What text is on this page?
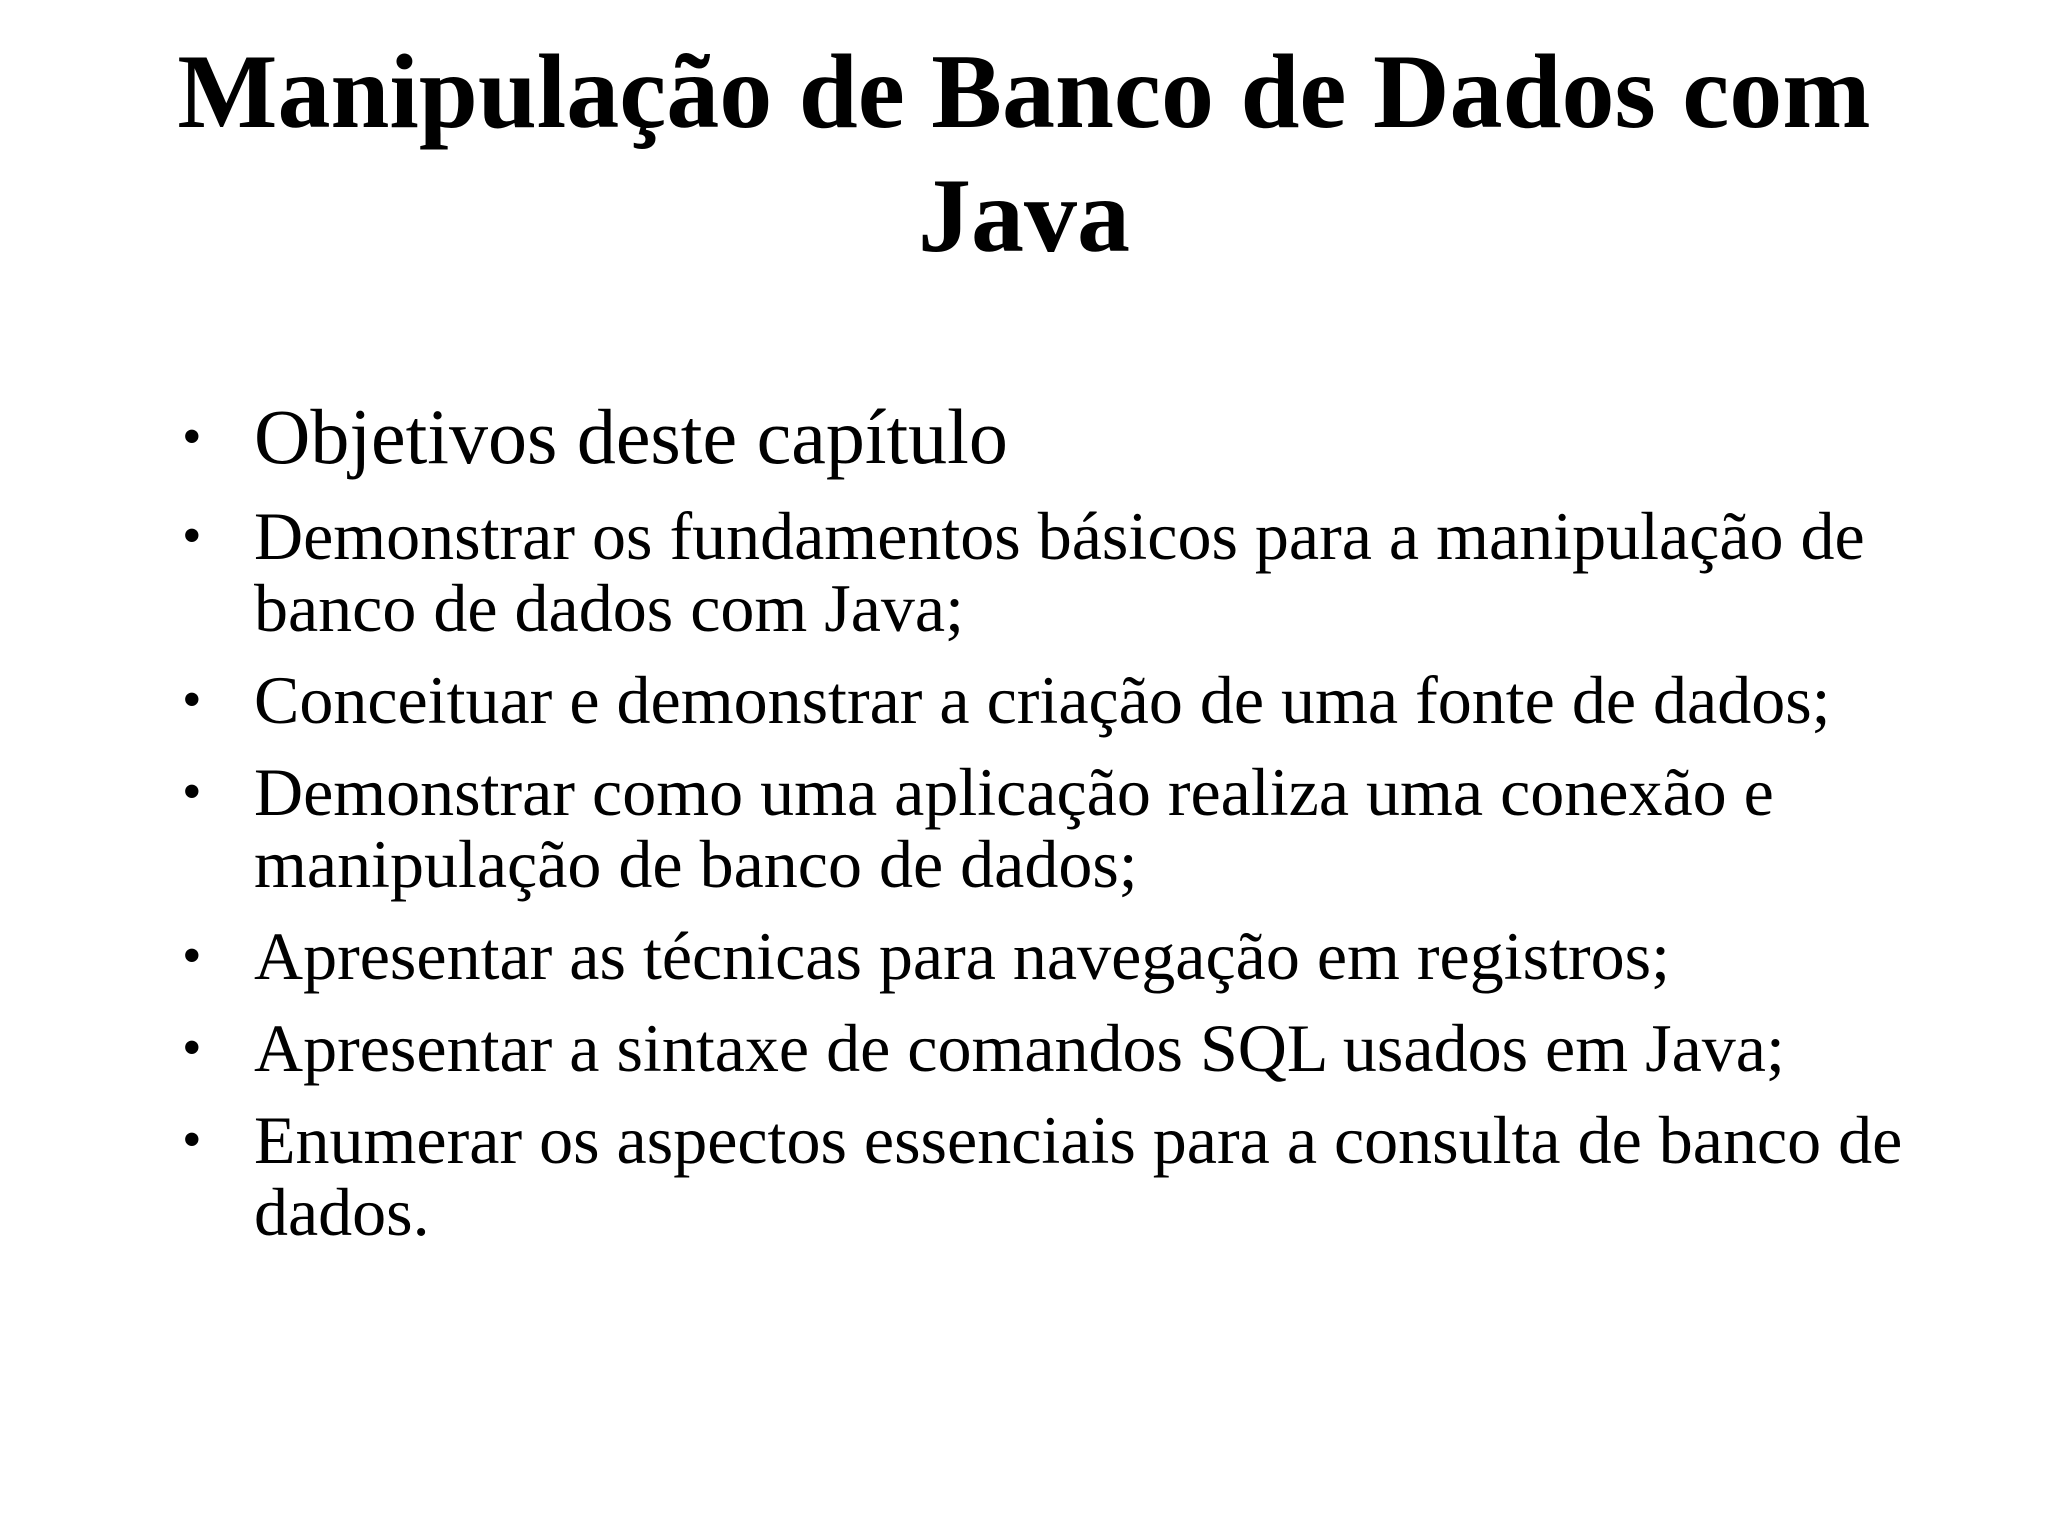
Manipulação de Banco de Dados com Java
• Objetivos deste capítulo
• Demonstrar os fundamentos básicos para a manipulação de banco de dados com Java;
• Conceituar e demonstrar a criação de uma fonte de dados;
• Demonstrar como uma aplicação realiza uma conexão e manipulação de banco de dados;
• Apresentar as técnicas para navegação em registros;
• Apresentar a sintaxe de comandos SQL usados em Java;
• Enumerar os aspectos essenciais para a consulta de banco de dados.
